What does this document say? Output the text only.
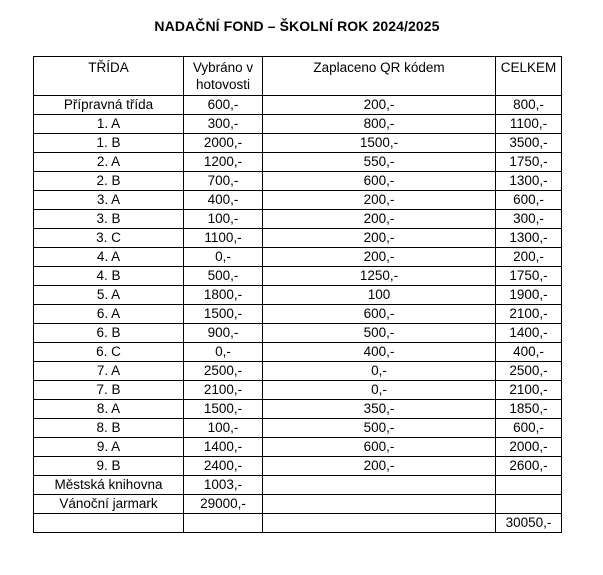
NADAČNÍ FOND – ŠKOLNÍ ROK 2024/2025
TŘÍDA	Vybráno v hotovosti	Zaplaceno QR kódem	CELKEM
Přípravná třída	600,-	200,-	800,-
1. A	300,-	800,-	1100,-
1. B	2000,-	1500,-	3500,-
2. A	1200,-	550,-	1750,-
2. B	700,-	600,-	1300,-
3. A	400,-	200,-	600,-
3. B	100,-	200,-	300,-
3. C	1100,-	200,-	1300,-
4. A	0,-	200,-	200,-
4. B	500,-	1250,-	1750,-
5. A	1800,-	100	1900,-
6. A	1500,-	600,-	2100,-
6. B	900,-	500,-	1400,-
6. C	0,-	400,-	400,-
7. A	2500,-	0,-	2500,-
7. B	2100,-	0,-	2100,-
8. A	1500,-	350,-	1850,-
8. B	100,-	500,-	600,-
9. A	1400,-	600,-	2000,-
9. B	2400,-	200,-	2600,-
Městská knihovna	1003,-		
Vánoční jarmark	29000,-		
			30050,-
